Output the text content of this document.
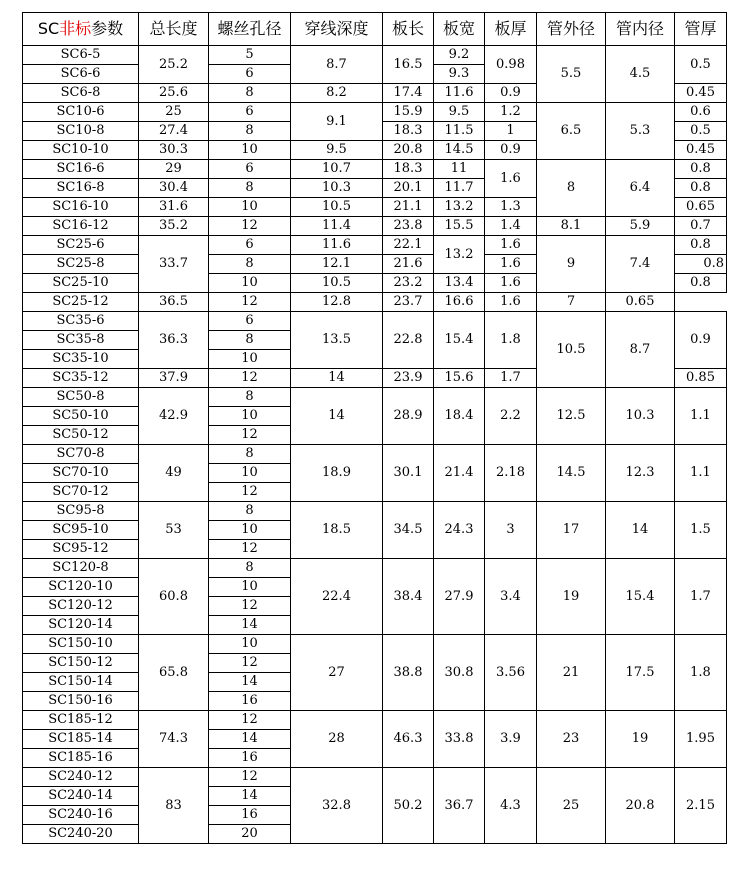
SC非标参数	总长度	螺丝孔径	穿线深度	板长	板宽	板厚	管外径	管内径	管厚
SC6-5	25.2	5	8.7	16.5	9.2	0.98	5.5	4.5	0.5
SC6-6		6			9.3				
SC6-8	25.6	8	8.2	17.4	11.6	0.9			0.45
SC10-6	25	6	9.1	15.9	9.5	1.2	6.5	5.3	0.6
SC10-8	27.4	8		18.3	11.5	1			0.5
SC10-10	30.3	10	9.5	20.8	14.5	0.9			0.45
SC16-6	29	6	10.7	18.3	11	1.6	8	6.4	0.8
SC16-8	30.4	8	10.3	20.1	11.7				0.8
SC16-10	31.6	10	10.5	21.1	13.2	1.3			0.65
SC16-12	35.2	12	11.4	23.8	15.5	1.4	8.1	5.9	0.7
SC25-6	33.7	6	11.6	22.1	13.2	1.6	9	7.4	0.8
SC25-8		8	12.1	21.6		1.6			0.8
SC25-10		10	10.5	23.2	13.4	1.6			0.8
SC25-12	36.5	12	12.8	23.7	16.6	1.6	7	0.65	
SC35-6	36.3	6	13.5	22.8	15.4	1.8	10.5	8.7	0.9
SC35-8		8							
SC35-10		10							
SC35-12	37.9	12	14	23.9	15.6	1.7			0.85
SC50-8	42.9	8	14	28.9	18.4	2.2	12.5	10.3	1.1
SC50-10		10							
SC50-12		12							
SC70-8	49	8	18.9	30.1	21.4	2.18	14.5	12.3	1.1
SC70-10		10							
SC70-12		12							
SC95-8	53	8	18.5	34.5	24.3	3	17	14	1.5
SC95-10		10							
SC95-12		12							
SC120-8	60.8	8	22.4	38.4	27.9	3.4	19	15.4	1.7
SC120-10		10							
SC120-12		12							
SC120-14		14							
SC150-10	65.8	10	27	38.8	30.8	3.56	21	17.5	1.8
SC150-12		12							
SC150-14		14							
SC150-16		16							
SC185-12	74.3	12	28	46.3	33.8	3.9	23	19	1.95
SC185-14		14							
SC185-16		16							
SC240-12	83	12	32.8	50.2	36.7	4.3	25	20.8	2.15
SC240-14		14							
SC240-16		16							
SC240-20		20							
